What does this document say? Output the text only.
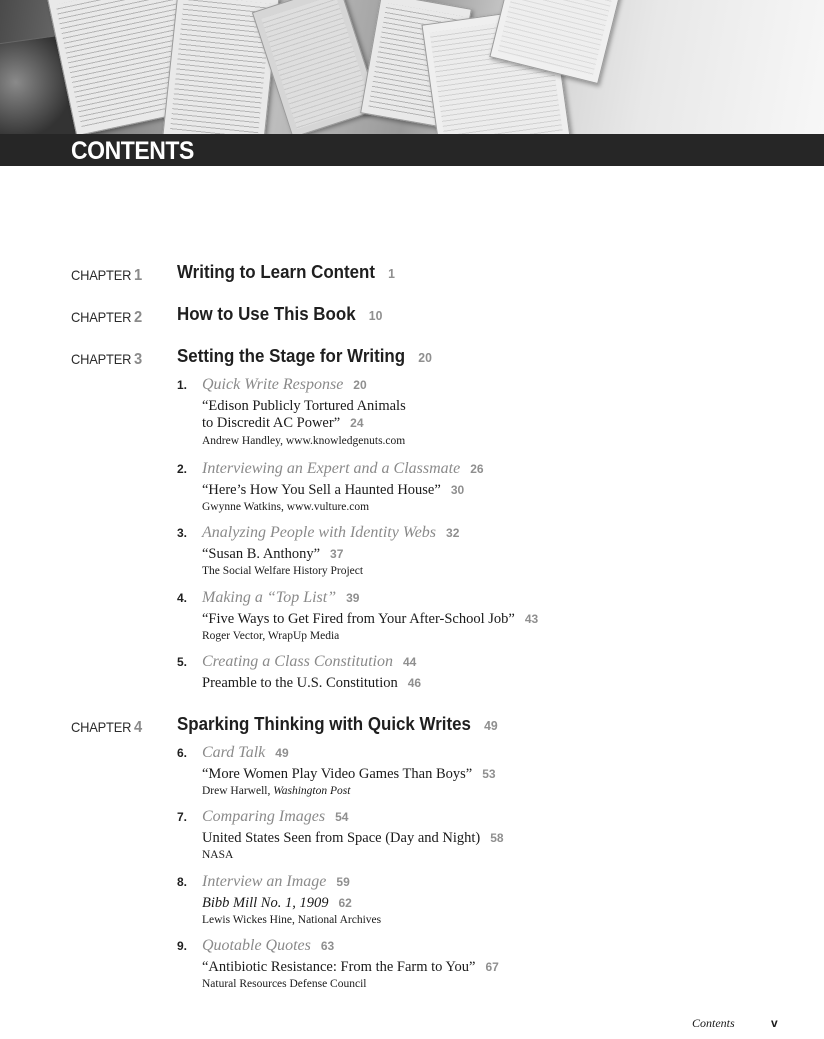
CONTENTS
CHAPTER 1 Writing to Learn Content 1
CHAPTER 2 How to Use This Book 10
CHAPTER 3 Setting the Stage for Writing 20
1. Quick Write Response 20
“Edison Publicly Tortured Animals
to Discredit AC Power” 24
Andrew Handley, www.knowledgenuts.com
2. Interviewing an Expert and a Classmate 26
“Here’s How You Sell a Haunted House” 30
Gwynne Watkins, www.vulture.com
3. Analyzing People with Identity Webs 32
“Susan B. Anthony” 37
The Social Welfare History Project
4. Making a “Top List” 39
“Five Ways to Get Fired from Your After-School Job” 43
Roger Vector, WrapUp Media
5. Creating a Class Constitution 44
Preamble to the U.S. Constitution 46
CHAPTER 4 Sparking Thinking with Quick Writes 49
6. Card Talk 49
“More Women Play Video Games Than Boys” 53
Drew Harwell, Washington Post
7. Comparing Images 54
United States Seen from Space (Day and Night) 58
NASA
8. Interview an Image 59
Bibb Mill No. 1, 1909 62
Lewis Wickes Hine, National Archives
9. Quotable Quotes 63
“Antibiotic Resistance: From the Farm to You” 67
Natural Resources Defense Council
Contents	v
